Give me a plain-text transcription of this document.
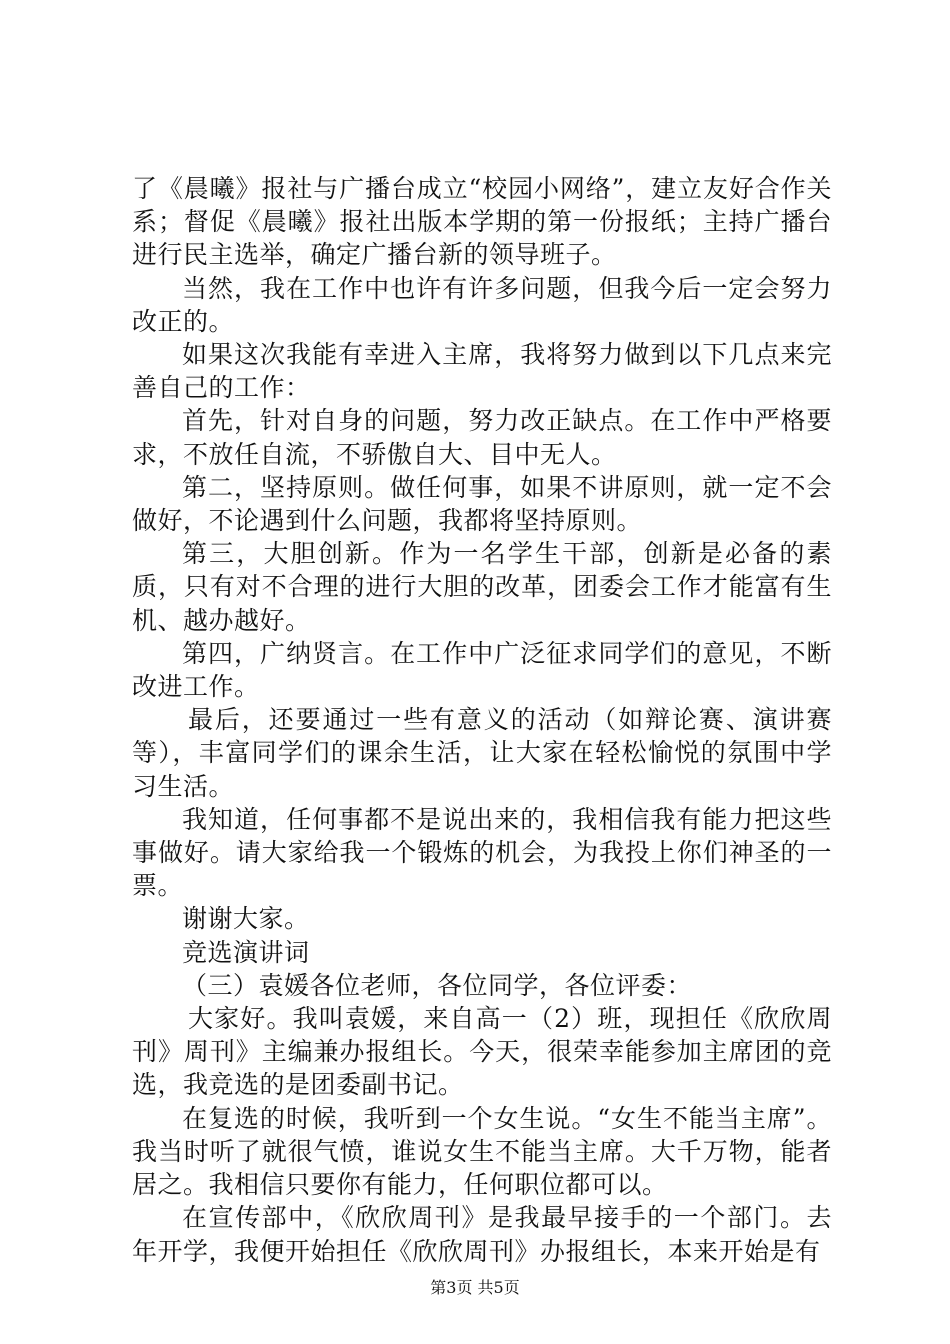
了《晨曦》报社与广播台成立“校园小网络”，建立友好合作关系；督促《晨曦》报社出版本学期的第一份报纸；主持广播台进行民主选举，确定广播台新的领导班子。

当然，我在工作中也许有许多问题，但我今后一定会努力改正的。

如果这次我能有幸进入主席，我将努力做到以下几点来完善自己的工作：

首先，针对自身的问题，努力改正缺点。在工作中严格要求，不放任自流，不骄傲自大、目中无人。

第二，坚持原则。做任何事，如果不讲原则，就一定不会做好，不论遇到什么问题，我都将坚持原则。

第三，大胆创新。作为一名学生干部，创新是必备的素质，只有对不合理的进行大胆的改革，团委会工作才能富有生机、越办越好。

第四，广纳贤言。在工作中广泛征求同学们的意见，不断改进工作。

最后，还要通过一些有意义的活动（如辩论赛、演讲赛等），丰富同学们的课余生活，让大家在轻松愉悦的氛围中学习生活。

我知道，任何事都不是说出来的，我相信我有能力把这些事做好。请大家给我一个锻炼的机会，为我投上你们神圣的一票。

谢谢大家。

竞选演讲词

（三）袁媛各位老师，各位同学，各位评委：

大家好。我叫袁媛，来自高一（2）班，现担任《欣欣周刊》周刊》主编兼办报组长。今天，很荣幸能参加主席团的竞选，我竞选的是团委副书记。

在复选的时候，我听到一个女生说。“女生不能当主席”。我当时听了就很气愤，谁说女生不能当主席。大千万物，能者居之。我相信只要你有能力，任何职位都可以。

在宣传部中，《欣欣周刊》是我最早接手的一个部门。去年开学，我便开始担任《欣欣周刊》办报组长，本来开始是有

第3页 共5页
